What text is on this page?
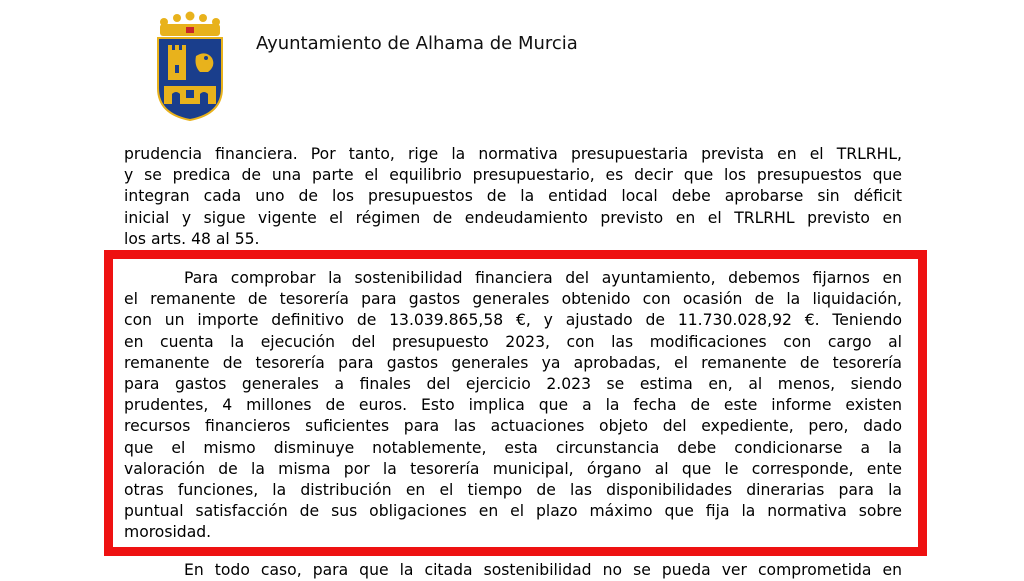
Ayuntamiento de Alhama de Murcia
prudencia financiera. Por tanto, rige la normativa presupuestaria prevista en el TRLRHL,
y se predica de una parte el equilibrio presupuestario, es decir que los presupuestos que
integran cada uno de los presupuestos de la entidad local debe aprobarse sin déficit
inicial y sigue vigente el régimen de endeudamiento previsto en el TRLRHL previsto en
los arts. 48 al 55.
Para comprobar la sostenibilidad financiera del ayuntamiento, debemos fijarnos en
el remanente de tesorería para gastos generales obtenido con ocasión de la liquidación,
con un importe definitivo de 13.039.865,58 €, y ajustado de 11.730.028,92 €. Teniendo
en cuenta la ejecución del presupuesto 2023, con las modificaciones con cargo al
remanente de tesorería para gastos generales ya aprobadas, el remanente de tesorería
para gastos generales a finales del ejercicio 2.023 se estima en, al menos, siendo
prudentes, 4 millones de euros. Esto implica que a la fecha de este informe existen
recursos financieros suficientes para las actuaciones objeto del expediente, pero, dado
que el mismo disminuye notablemente, esta circunstancia debe condicionarse a la
valoración de la misma por la tesorería municipal, órgano al que le corresponde, ente
otras funciones, la distribución en el tiempo de las disponibilidades dinerarias para la
puntual satisfacción de sus obligaciones en el plazo máximo que fija la normativa sobre
morosidad.
En todo caso, para que la citada sostenibilidad no se pueda ver comprometida en
